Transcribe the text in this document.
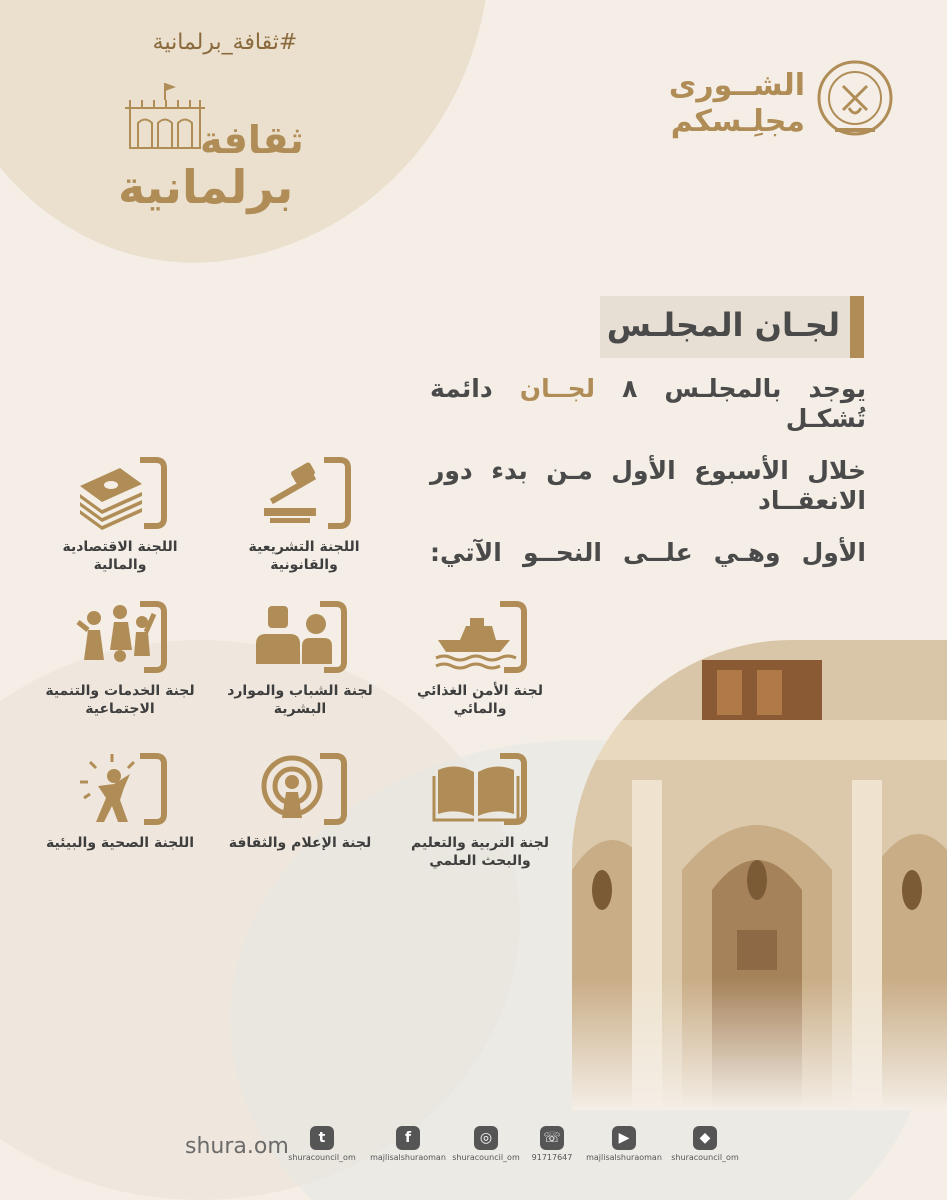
#ثقافة_برلمانية
ثقافة
برلمانية
الشــورى
مجلِـسكم
لجـان المجلـس

يوجد بالمجلـس ٨ لجــان دائمة تُشكـل

خلال الأسبوع الأول مـن بدء دور الانعقــاد

الأول وهـي علــى النحــو الآتي:

اللجنة التشريعية
والقانونية
اللجنة الاقتصادية
والمالية
لجنة الأمن الغذائي
والمائي
لجنة الشباب والموارد
البشرية
لجنة الخدمات والتنمية
الاجتماعية
لجنة التربية والتعليم
والبحث العلمي
لجنة الإعلام والثقافة
اللجنة الصحية والبيئية
shura.om	t
shuracouncil_om
f
majlisalshuraoman
◎
shuracouncil_om
☏
91717647
▶
majlisalshuraoman
◆
shuracouncil_om
